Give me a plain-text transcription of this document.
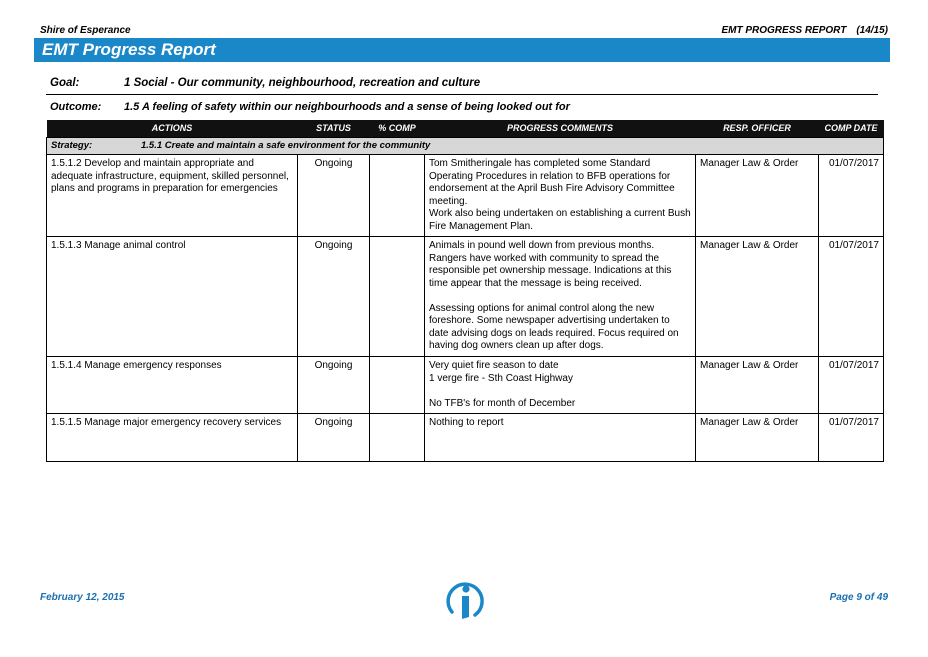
Shire of Esperance	EMT PROGRESS REPORT (14/15)
EMT Progress Report
Goal:	1 Social - Our community, neighbourhood, recreation and culture
Outcome: 1.5 A feeling of safety within our neighbourhoods and a sense of being looked out for
ACTIONS	STATUS	% COMP	PROGRESS COMMENTS	RESP. OFFICER	COMP DATE
Strategy: 1.5.1 Create and maintain a safe environment for the community					
1.5.1.2 Develop and maintain appropriate and adequate infrastructure, equipment, skilled personnel, plans and programs in preparation for emergencies	Ongoing		Tom Smitheringale has completed some Standard Operating Procedures in relation to BFB operations for endorsement at the April Bush Fire Advisory Committee meeting.
Work also being undertaken on establishing a current Bush Fire Management Plan.	Manager Law & Order	01/07/2017
1.5.1.3 Manage animal control	Ongoing		Animals in pound well down from previous months. Rangers have worked with community to spread the responsible pet ownership message. Indications at this time appear that the message is being received.
Assessing options for animal control along the new foreshore. Some newspaper advertising undertaken to date advising dogs on leads required. Focus required on having dog owners clean up after dogs.	Manager Law & Order	01/07/2017
1.5.1.4 Manage emergency responses	Ongoing		Very quiet fire season to date
1 verge fire - Sth Coast Highway
No TFB's for month of December	Manager Law & Order	01/07/2017
1.5.1.5 Manage major emergency recovery services	Ongoing		Nothing to report	Manager Law & Order	01/07/2017
February 12, 2015	Page 9 of 49
